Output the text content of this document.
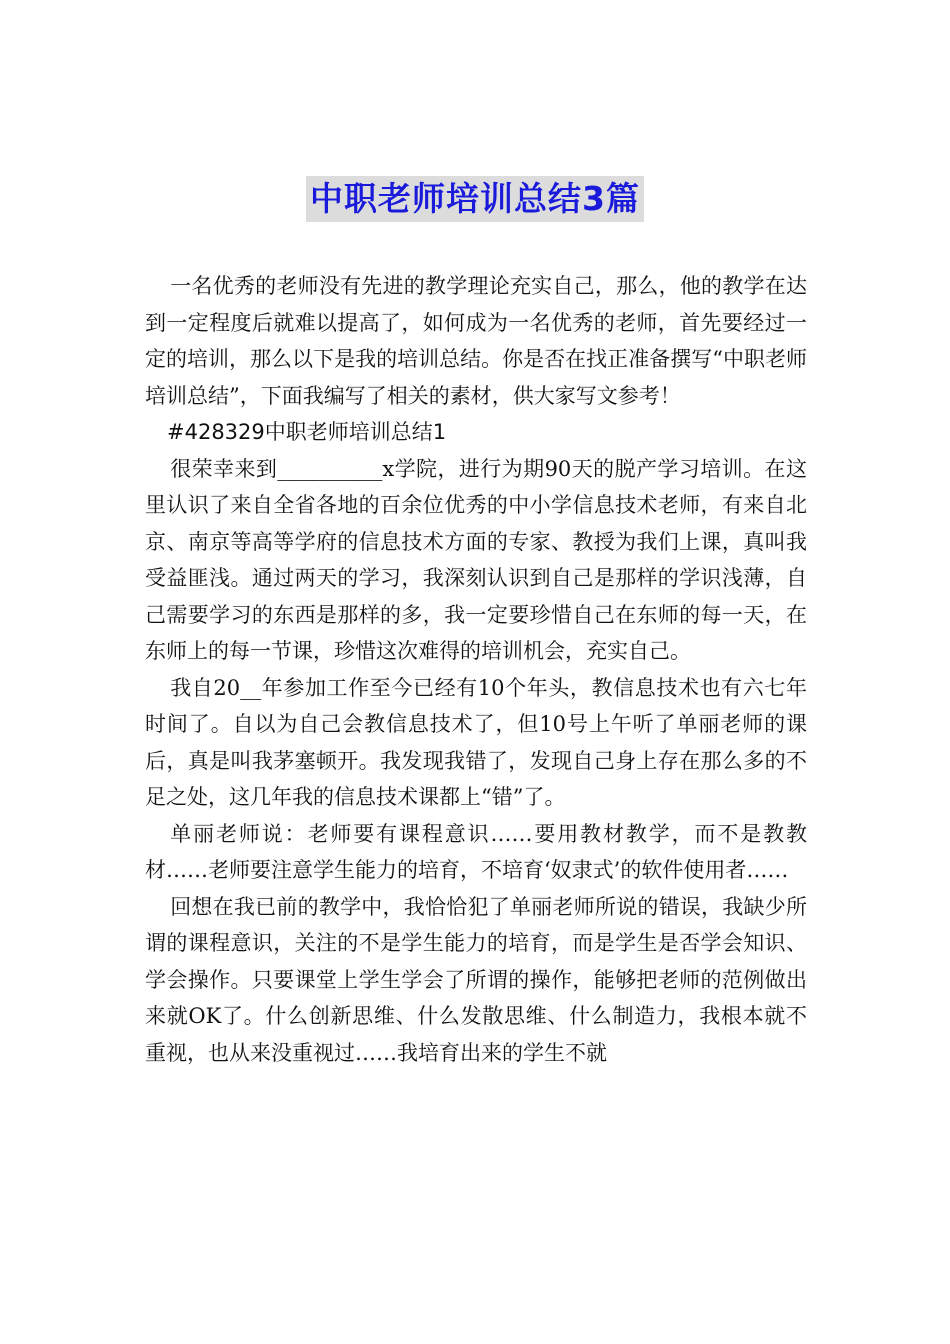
中职老师培训总结3篇

一名优秀的老师没有先进的教学理论充实自己，那么，他的教学在达到一定程度后就难以提高了，如何成为一名优秀的老师，首先要经过一定的培训，那么以下是我的培训总结。你是否在找正准备撰写“中职老师培训总结”，下面我编写了相关的素材，供大家写文参考！

#428329中职老师培训总结1

很荣幸来到__________x学院，进行为期90天的脱产学习培训。在这里认识了来自全省各地的百余位优秀的中小学信息技术老师，有来自北京、南京等高等学府的信息技术方面的专家、教授为我们上课，真叫我受益匪浅。通过两天的学习，我深刻认识到自己是那样的学识浅薄，自己需要学习的东西是那样的多，我一定要珍惜自己在东师的每一天，在东师上的每一节课，珍惜这次难得的培训机会，充实自己。

我自20__年参加工作至今已经有10个年头，教信息技术也有六七年时间了。自以为自己会教信息技术了，但10号上午听了单丽老师的课后，真是叫我茅塞顿开。我发现我错了，发现自己身上存在那么多的不足之处，这几年我的信息技术课都上“错”了。

单丽老师说：老师要有课程意识……要用教材教学，而不是教教材……老师要注意学生能力的培育，不培育‘奴隶式’的软件使用者……

回想在我已前的教学中，我恰恰犯了单丽老师所说的错误，我缺少所谓的课程意识，关注的不是学生能力的培育，而是学生是否学会知识、学会操作。只要课堂上学生学会了所谓的操作，能够把老师的范例做出来就OK了。什么创新思维、什么发散思维、什么制造力，我根本就不重视，也从来没重视过……我培育出来的学生不就
